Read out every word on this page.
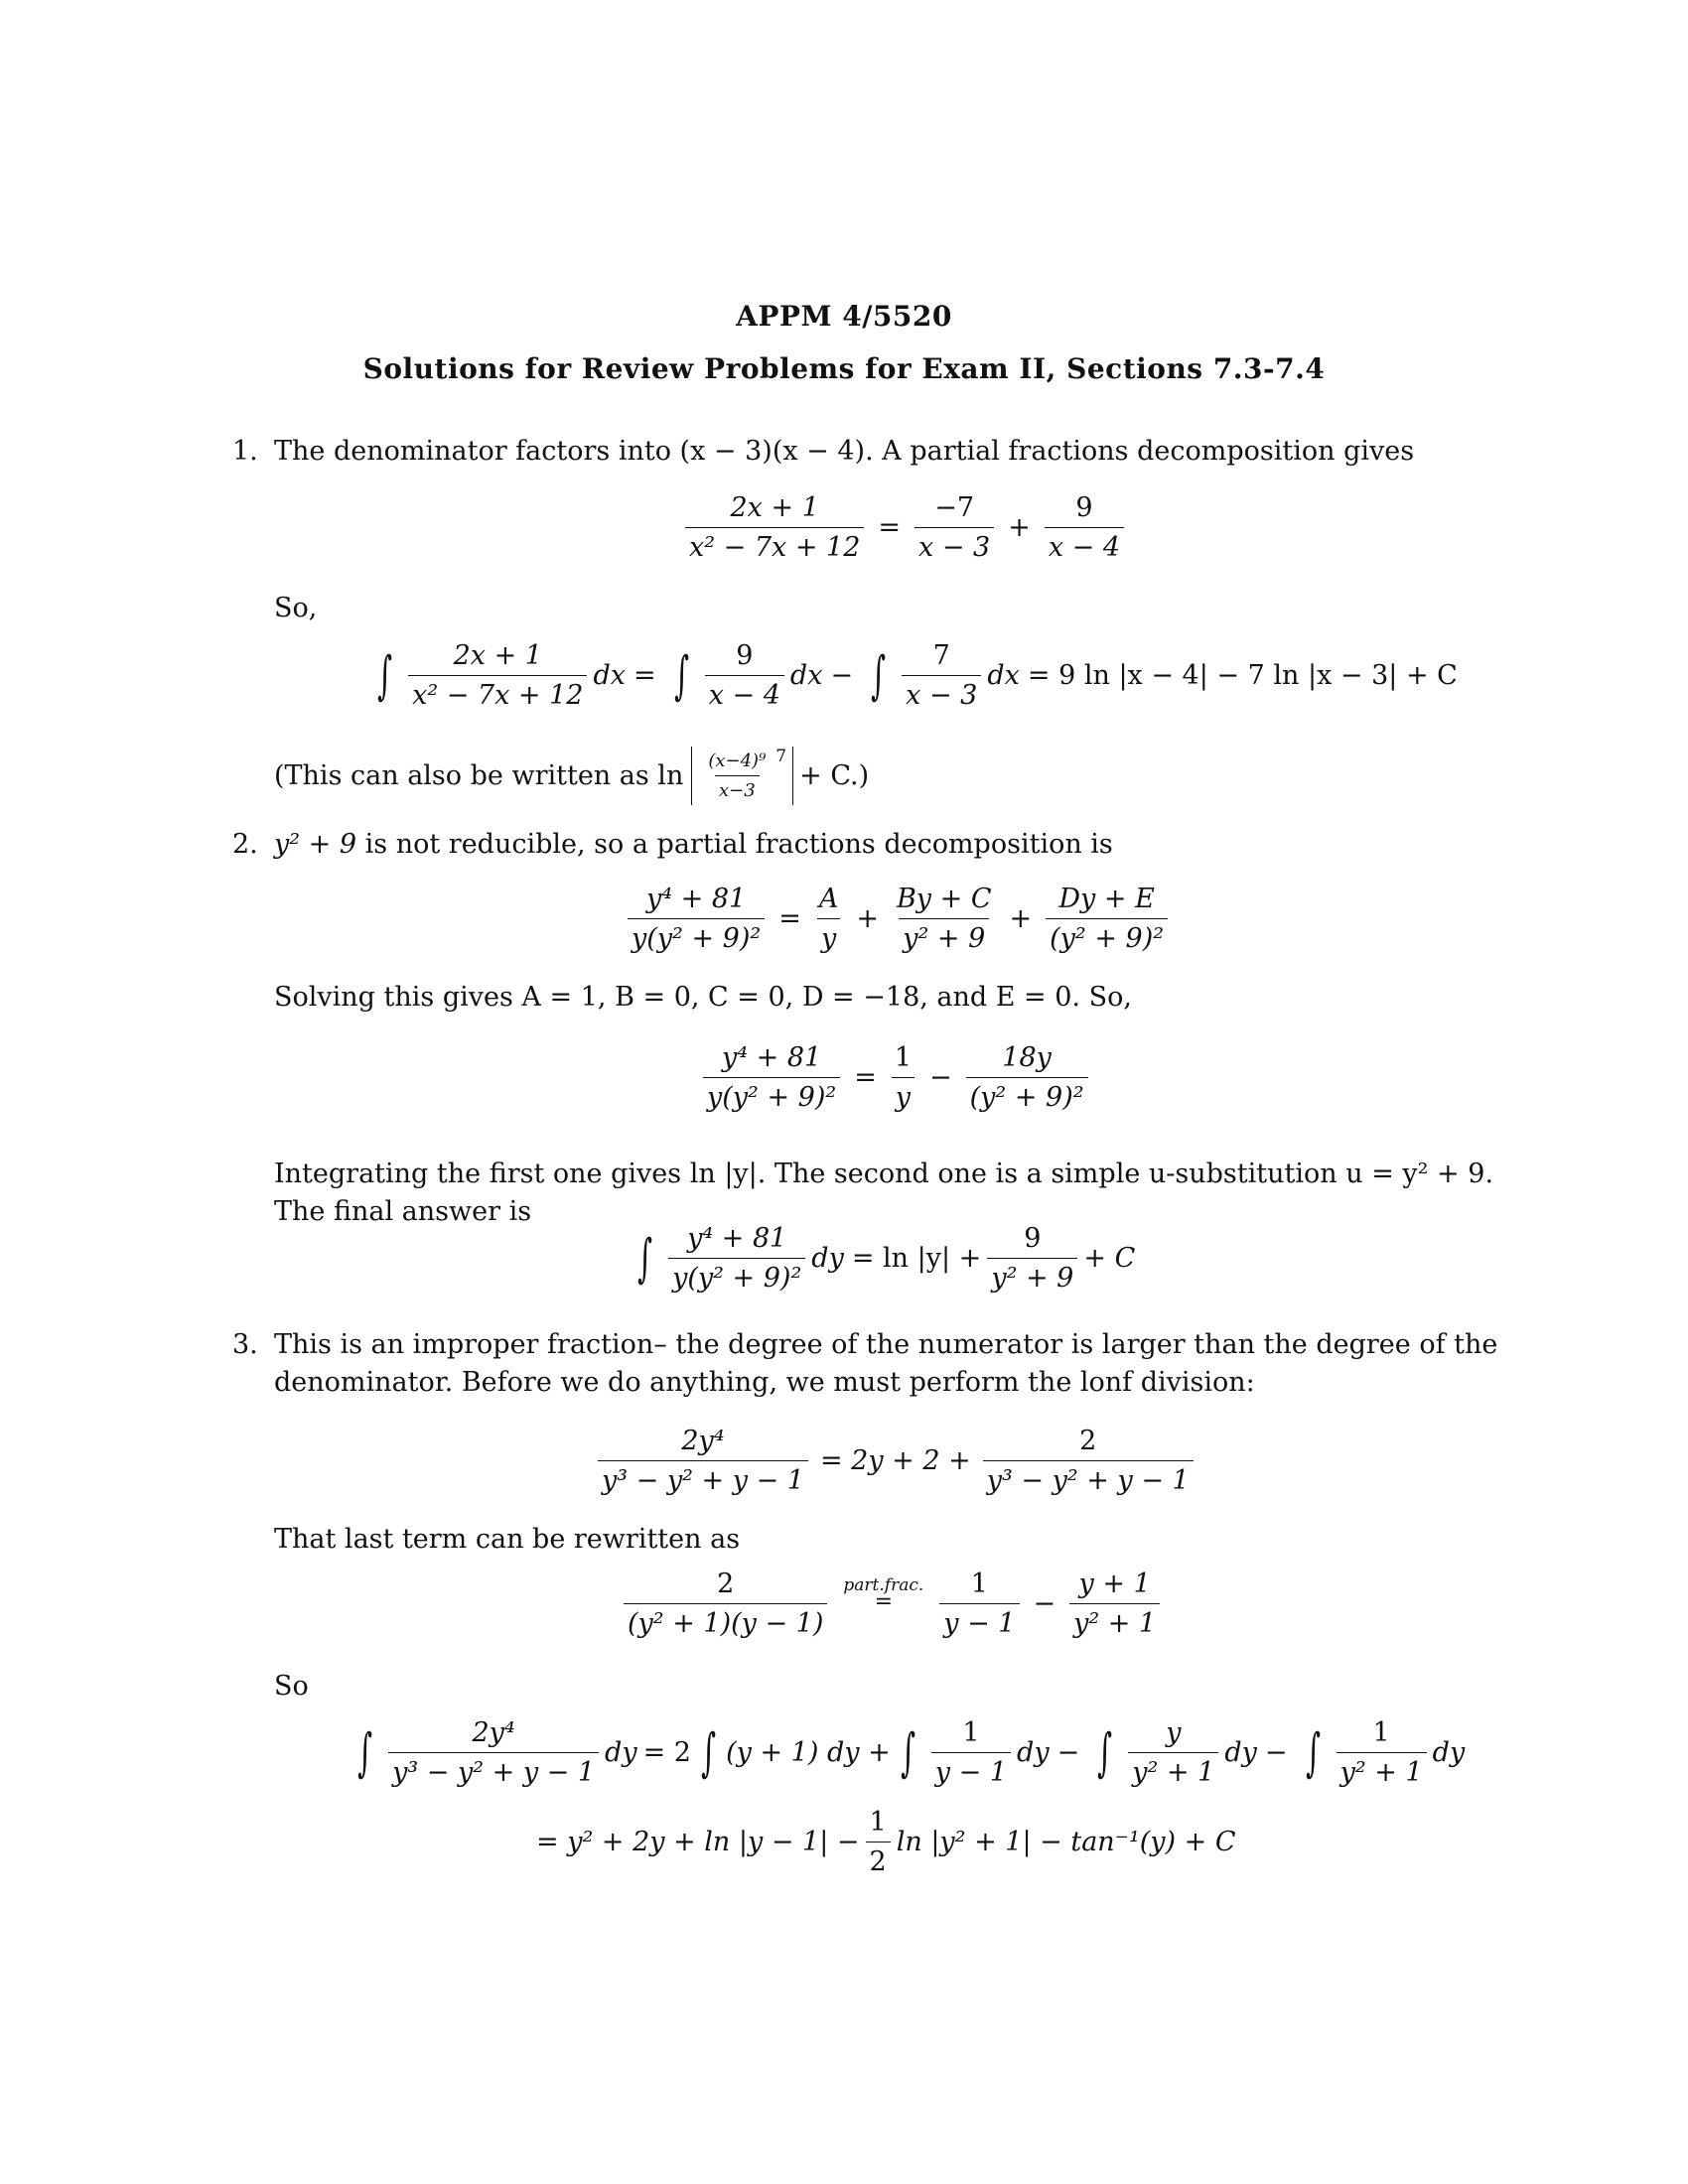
APPM 4/5520
Solutions for Review Problems for Exam II, Sections 7.3-7.4
1. The denominator factors into (x − 3)(x − 4). A partial fractions decomposition gives
$\frac{2x + 1}{\text{x² − 7x + 12}} = \frac{-7}{x - 3} + \frac{9}{x - 4}$
So,
∫ $\frac{2x + 1}{\text{x² − 7x + 12}}$ dx = ∫ $\frac{9}{x - 4}$ dx − ∫ $\frac{7}{x - 3}$ dx = 9 ln |x − 4| − 7 ln |x − 3| + C
(This can also be written as $\ln \frac{\text{(x−4)⁹}}{x-3} ^7$
+ C.)
2. y² + 9 is not reducible, so a partial fractions decomposition is
$\frac{\text{y⁴ + 81}}{\text{y(y² + 9)²}} = \frac{A}{y} + \frac{By + C}{\text{y² + 9}} + \frac{Dy + E}{\text{(y² + 9)²}}$
Solving this gives A = 1, B = 0, C = 0, D = −18, and E = 0. So,
$\frac{\text{y⁴ + 81}}{\text{y(y² + 9)²}} = \frac{1}{y} - \frac{18y}{\text{(y² + 9)²}}$
Integrating the first one gives ln |y|. The second one is a simple u-substitution u = y² + 9.
The final answer is
∫ $\frac{\text{y⁴ + 81}}{\text{y(y² + 9)²}}$ dy = $\ln |y| + \frac{9}{\text{y² + 9}} + C$
3. This is an improper fraction– the degree of the numerator is larger than the degree of the
denominator. Before we do anything, we must perform the lonf division:
$\frac{\text{2y⁴}}{\text{y³ − y² + y − 1}} = 2y + 2 + \frac{2}{\text{y³ − y² + y − 1}}$
That last term can be rewritten as
$\frac{2}{\text{(y² + 1)(y − 1)}}$ part.frac.
= $\frac{1}{y - 1} - \frac{y + 1}{\text{y² + 1}}$
So
∫ $\frac{\text{2y⁴}}{\text{y³ − y² + y − 1}}$ dy = 2 ∫ (y + 1) dy + ∫ $\frac{1}{y - 1}$ dy − ∫ $\frac{y}{\text{y² + 1}}$ dy − ∫ $\frac{1}{\text{y² + 1}}$ dy
= $y^2 + 2y + \ln |y - 1| - \frac{1}{2}$ ln |y² + 1| − tan⁻¹(y) + C
